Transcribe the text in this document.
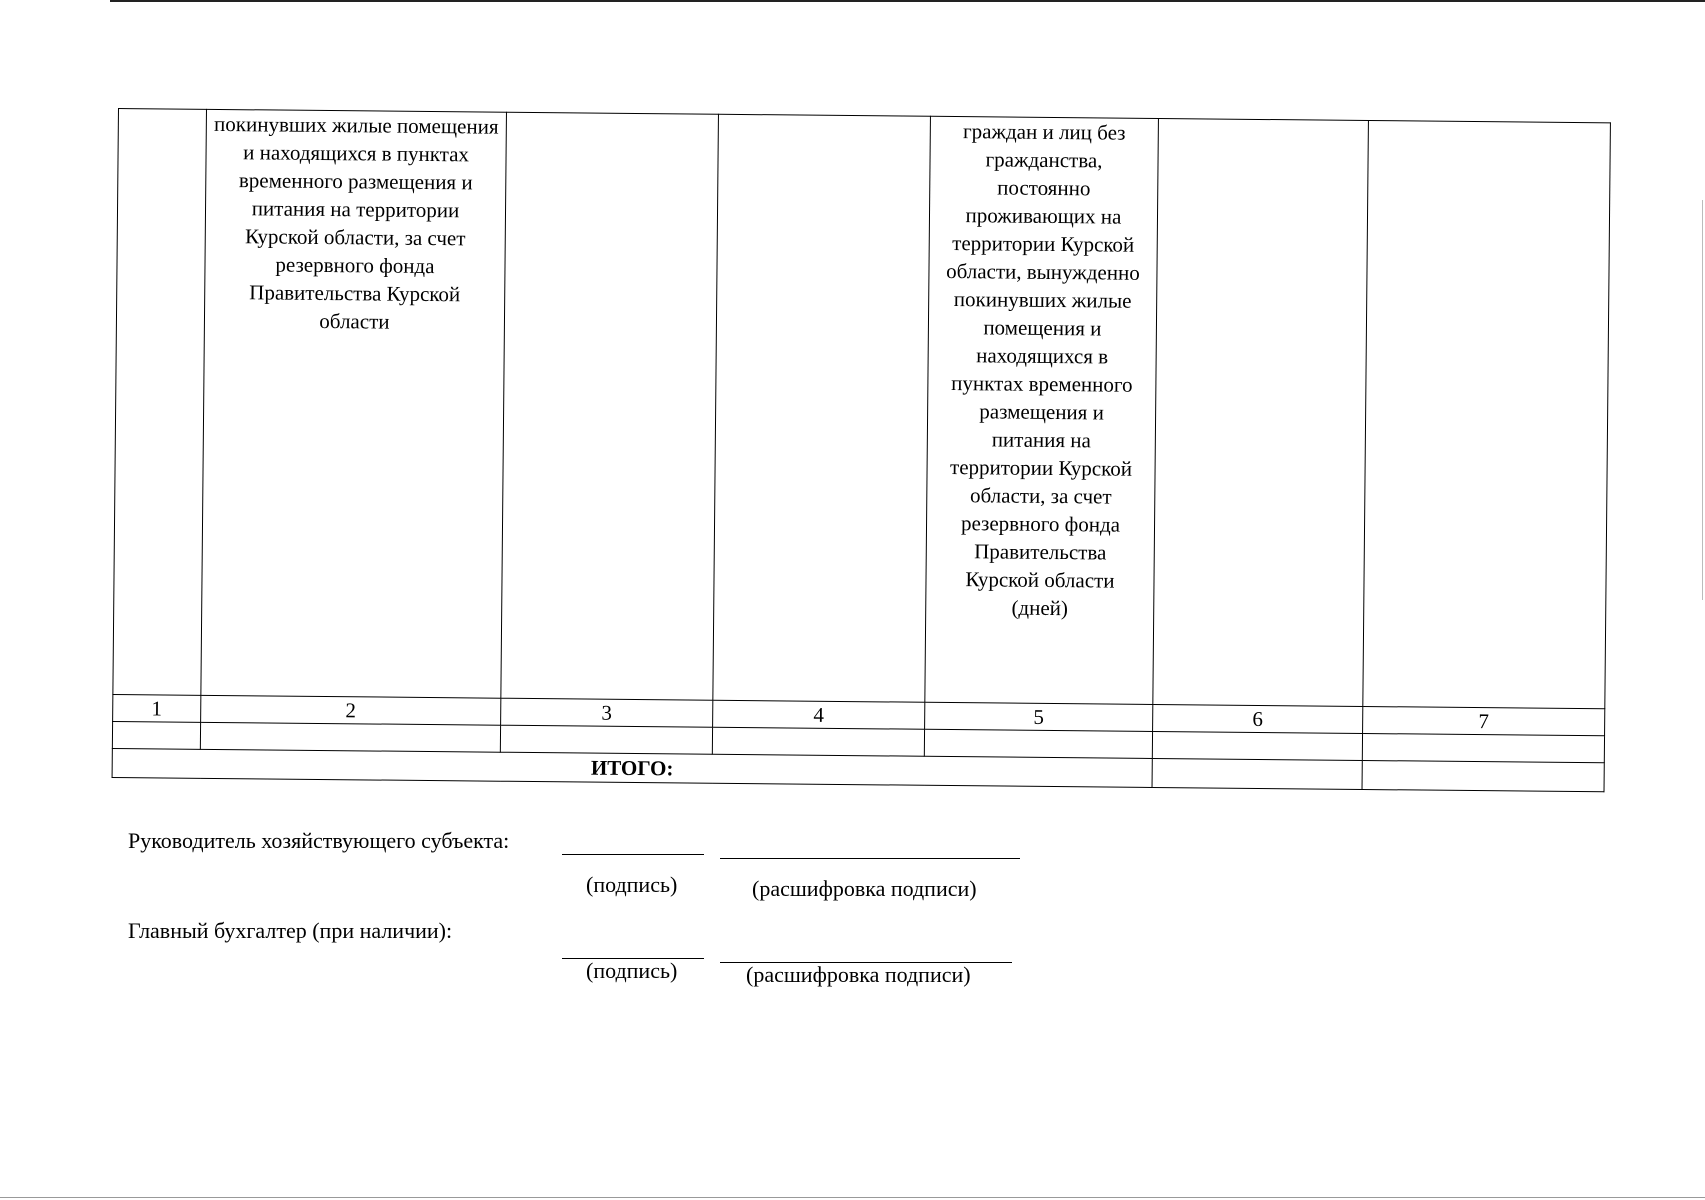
	покинувших жилые помещения и находящихся в пунктах временного размещения и питания на территории Курской области, за счет резервного фонда Правительства Курской области			граждан и лиц без гражданства, постоянно проживающих на территории Курской области, вынужденно покинувших жилые помещения и находящихся в пунктах временного размещения и питания на территории Курской области, за счет резервного фонда Правительства Курской области (дней)		

1	2	3	4	5	6	7

ИТОГО:						
Руководитель хозяйствующего субъекта:
(подпись)	(расшифровка подписи)
Главный бухгалтер (при наличии):
(подпись)	(расшифровка подписи)
